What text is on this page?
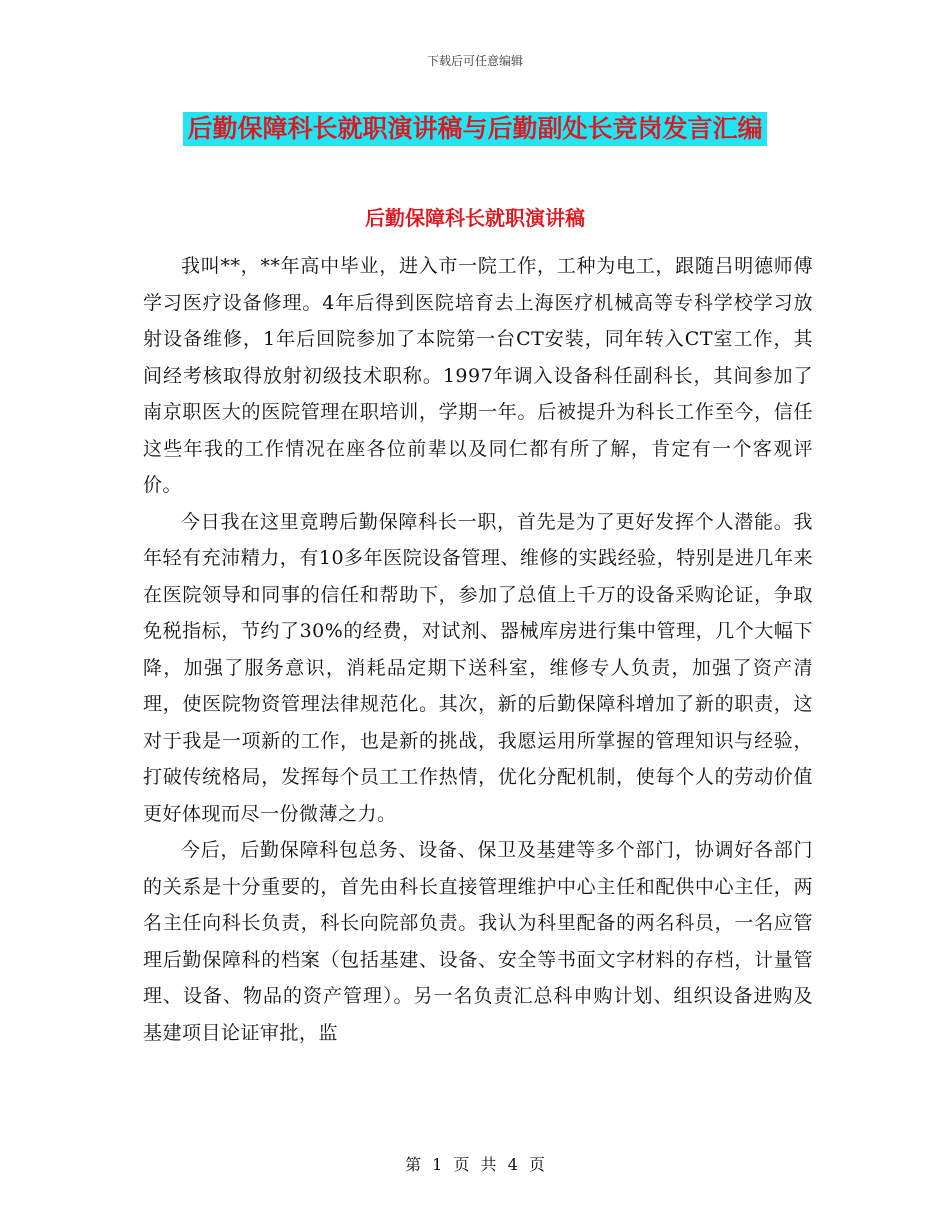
下载后可任意编辑
后勤保障科长就职演讲稿与后勤副处长竞岗发言汇编
后勤保障科长就职演讲稿

我叫**，**年高中毕业，进入市一院工作，工种为电工，跟随吕明德师傅学习医疗设备修理。4年后得到医院培育去上海医疗机械高等专科学校学习放射设备维修，1年后回院参加了本院第一台CT安装，同年转入CT室工作，其间经考核取得放射初级技术职称。1997年调入设备科任副科长，其间参加了南京职医大的医院管理在职培训，学期一年。后被提升为科长工作至今，信任这些年我的工作情况在座各位前辈以及同仁都有所了解，肯定有一个客观评价。

今日我在这里竟聘后勤保障科长一职，首先是为了更好发挥个人潜能。我年轻有充沛精力，有10多年医院设备管理、维修的实践经验，特别是进几年来在医院领导和同事的信任和帮助下，参加了总值上千万的设备采购论证，争取免税指标，节约了30%的经费，对试剂、器械库房进行集中管理，几个大幅下降，加强了服务意识，消耗品定期下送科室，维修专人负责，加强了资产清理，使医院物资管理法律规范化。其次，新的后勤保障科增加了新的职责，这对于我是一项新的工作，也是新的挑战，我愿运用所掌握的管理知识与经验，打破传统格局，发挥每个员工工作热情，优化分配机制，使每个人的劳动价值更好体现而尽一份微薄之力。

今后，后勤保障科包总务、设备、保卫及基建等多个部门，协调好各部门的关系是十分重要的，首先由科长直接管理维护中心主任和配供中心主任，两名主任向科长负责，科长向院部负责。我认为科里配备的两名科员，一名应管理后勤保障科的档案（包括基建、设备、安全等书面文字材料的存档，计量管理、设备、物品的资产管理）。另一名负责汇总科申购计划、组织设备进购及基建项目论证审批，监

第 1 页 共 4 页
